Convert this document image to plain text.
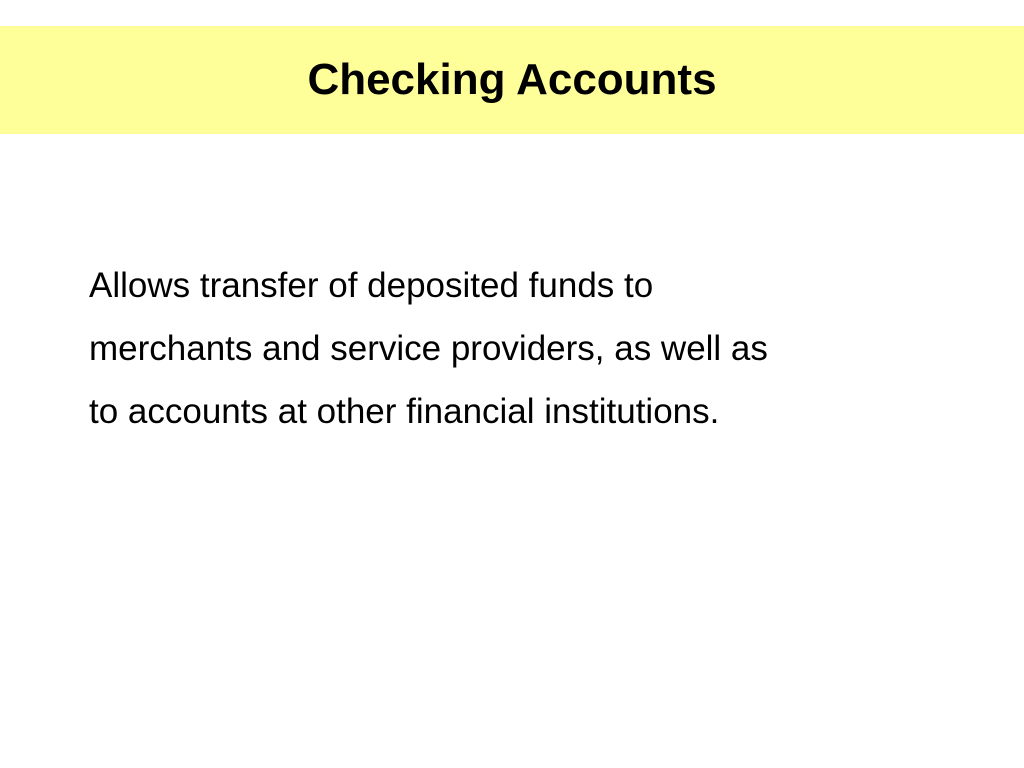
Checking Accounts

Allows transfer of deposited funds to
merchants and service providers, as well as
to accounts at other financial institutions.
